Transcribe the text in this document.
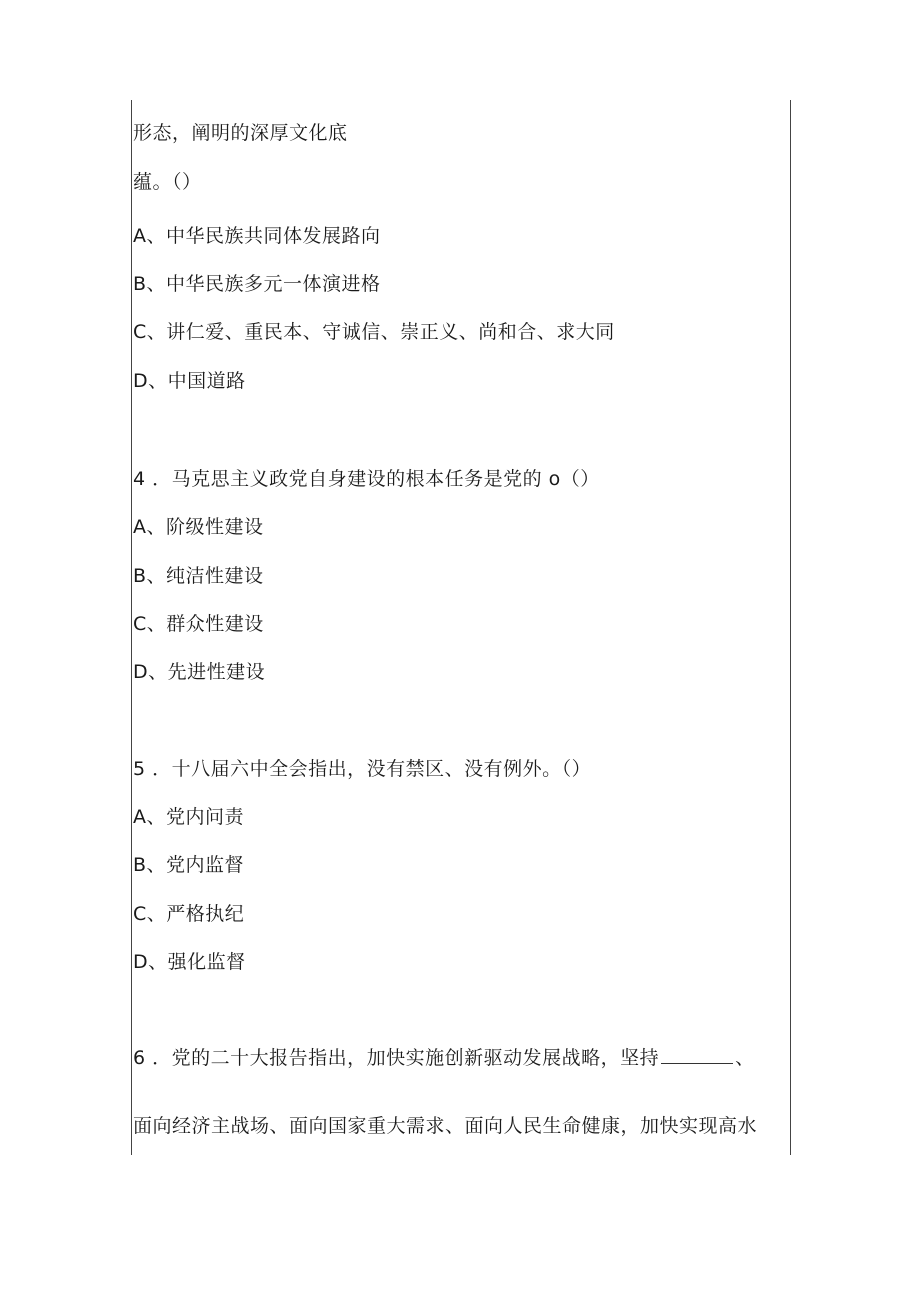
形态，阐明的深厚文化底
蕴。（）
A、中华民族共同体发展路向
B、中华民族多元一体演进格
C、讲仁爱、重民本、守诚信、崇正义、尚和合、求大同
D、中国道路
4 ．马克思主义政党自身建设的根本任务是党的 o（）
A、阶级性建设
B、纯洁性建设
C、群众性建设
D、先进性建设
5 ．十八届六中全会指出，没有禁区、没有例外。（）
A、党内问责
B、党内监督
C、严格执纪
D、强化监督
6 ．党的二十大报告指出，加快实施创新驱动发展战略，坚持	、
面向经济主战场、面向国家重大需求、面向人民生命健康，加快实现高水
